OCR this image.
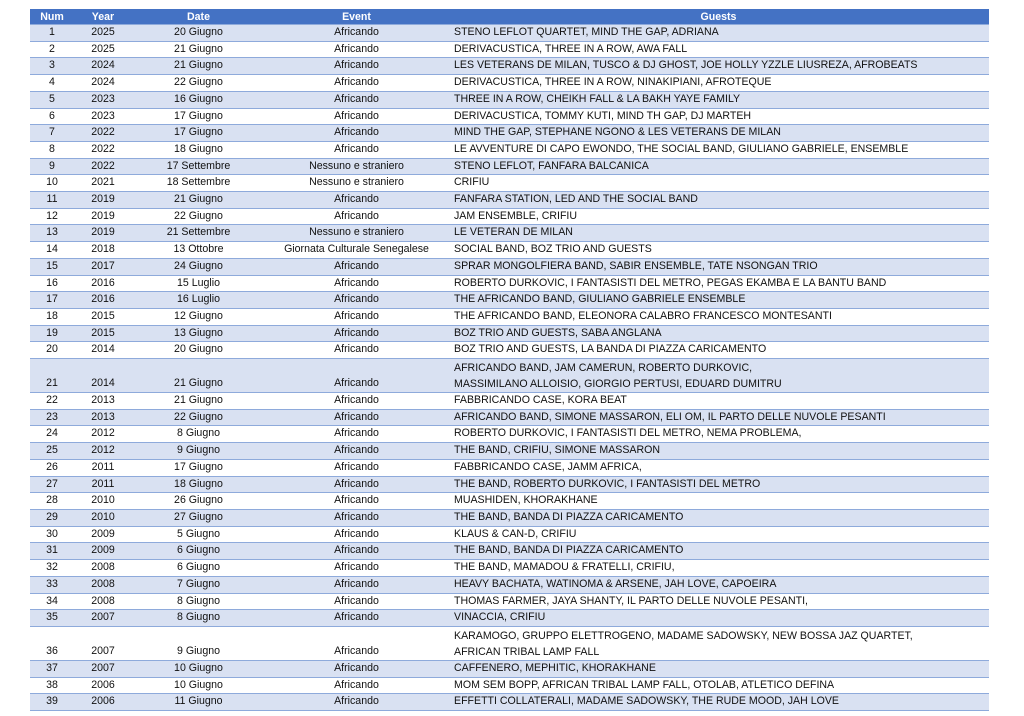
Num	Year	Date	Event	Guests
1	2025	20 Giugno	Africando	STENO LEFLOT QUARTET, MIND THE GAP, ADRIANA

2	2025	21 Giugno	Africando	DERIVACUSTICA, THREE IN A ROW, AWA FALL

3	2024	21 Giugno	Africando	LES VETERANS DE MILAN, TUSCO & DJ GHOST, JOE HOLLY YZZLE LIUSREZA, AFROBEATS

4	2024	22 Giugno	Africando	DERIVACUSTICA, THREE IN A ROW, NINAKIPIANI, AFROTEQUE

5	2023	16 Giugno	Africando	THREE IN A ROW, CHEIKH FALL & LA BAKH YAYE FAMILY

6	2023	17 Giugno	Africando	DERIVACUSTICA, TOMMY KUTI, MIND TH GAP, DJ MARTEH

7	2022	17 Giugno	Africando	MIND THE GAP, STEPHANE NGONO & LES VETERANS DE MILAN

8	2022	18 Giugno	Africando	LE AVVENTURE DI CAPO EWONDO, THE SOCIAL BAND, GIULIANO GABRIELE, ENSEMBLE

9	2022	17 Settembre	Nessuno e straniero	STENO LEFLOT, FANFARA BALCANICA

10	2021	18 Settembre	Nessuno e straniero	CRIFIU

11	2019	21 Giugno	Africando	FANFARA STATION, LED AND THE SOCIAL BAND

12	2019	22 Giugno	Africando	JAM ENSEMBLE, CRIFIU

13	2019	21 Settembre	Nessuno e straniero	LE VETERAN DE MILAN

14	2018	13 Ottobre	Giornata Culturale Senegalese	SOCIAL BAND, BOZ TRIO AND GUESTS

15	2017	24 Giugno	Africando	SPRAR MONGOLFIERA BAND, SABIR ENSEMBLE, TATE NSONGAN TRIO

16	2016	15 Luglio	Africando	ROBERTO DURKOVIC, I FANTASISTI DEL METRO, PEGAS EKAMBA E LA BANTU BAND

17	2016	16 Luglio	Africando	THE AFRICANDO BAND, GIULIANO GABRIELE ENSEMBLE

18	2015	12 Giugno	Africando	THE AFRICANDO BAND, ELEONORA CALABRO FRANCESCO MONTESANTI

19	2015	13 Giugno	Africando	BOZ TRIO AND GUESTS, SABA ANGLANA

20	2014	20 Giugno	Africando	BOZ TRIO AND GUESTS, LA BANDA DI PIAZZA CARICAMENTO

21	2014	21 Giugno	Africando	AFRICANDO BAND, JAM CAMERUN, ROBERTO DURKOVIC,
MASSIMILANO ALLOISIO, GIORGIO PERTUSI, EDUARD DUMITRU

22	2013	21 Giugno	Africando	FABBRICANDO CASE, KORA BEAT

23	2013	22 Giugno	Africando	AFRICANDO BAND, SIMONE MASSARON, ELI OM, IL PARTO DELLE NUVOLE PESANTI

24	2012	8 Giugno	Africando	ROBERTO DURKOVIC, I FANTASISTI DEL METRO, NEMA PROBLEMA,

25	2012	9 Giugno	Africando	THE BAND, CRIFIU, SIMONE MASSARON

26	2011	17 Giugno	Africando	FABBRICANDO CASE, JAMM AFRICA,

27	2011	18 Giugno	Africando	THE BAND, ROBERTO DURKOVIC, I FANTASISTI DEL METRO

28	2010	26 Giugno	Africando	MUASHIDEN, KHORAKHANE

29	2010	27 Giugno	Africando	THE BAND, BANDA DI PIAZZA CARICAMENTO

30	2009	5 Giugno	Africando	KLAUS & CAN-D, CRIFIU

31	2009	6 Giugno	Africando	THE BAND, BANDA DI PIAZZA CARICAMENTO

32	2008	6 Giugno	Africando	THE BAND, MAMADOU & FRATELLI, CRIFIU,

33	2008	7 Giugno	Africando	HEAVY BACHATA, WATINOMA & ARSENE, JAH LOVE, CAPOEIRA

34	2008	8 Giugno	Africando	THOMAS FARMER, JAYA SHANTY, IL PARTO DELLE NUVOLE PESANTI,

35	2007	8 Giugno	Africando	VINACCIA, CRIFIU

36	2007	9 Giugno	Africando	KARAMOGO, GRUPPO ELETTROGENO, MADAME SADOWSKY, NEW BOSSA JAZ QUARTET,
AFRICAN TRIBAL LAMP FALL

37	2007	10 Giugno	Africando	CAFFENERO, MEPHITIC, KHORAKHANE

38	2006	10 Giugno	Africando	MOM SEM BOPP, AFRICAN TRIBAL LAMP FALL, OTOLAB, ATLETICO DEFINA

39	2006	11 Giugno	Africando	EFFETTI COLLATERALI, MADAME SADOWSKY, THE RUDE MOOD, JAH LOVE
